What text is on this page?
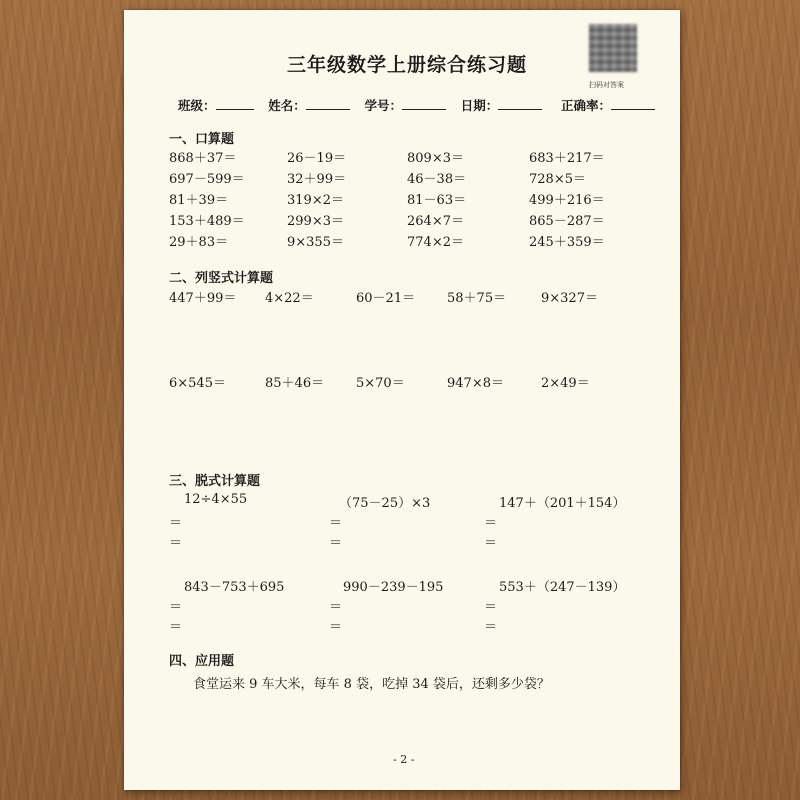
三年级数学上册综合练习题
扫码对答案
班级：	姓名：	学号：	日期：	正确率：
一、口算题
868＋37＝	26－19＝	809×3＝	683＋217＝
697－599＝	32＋99＝	46－38＝	728×5＝
81＋39＝	319×2＝	81－63＝	499＋216＝
153＋489＝	299×3＝	264×7＝	865－287＝
29＋83＝	9×355＝	774×2＝	245＋359＝
二、列竖式计算题
447＋99＝ 4×22＝	60－21＝ 58＋75＝	9×327＝
6×545＝	85＋46＝ 5×70＝	947×8＝	2×49＝
三、脱式计算题
12÷4×55	（75－25）×3	147＋（201＋154）
＝	＝	＝
＝	＝	＝
843－753＋695	990－239－195	553＋（247－139）
＝	＝	＝
＝	＝	＝
四、应用题
食堂运来 9 车大米，每车 8 袋，吃掉 34 袋后，还剩多少袋？
- 2 -
